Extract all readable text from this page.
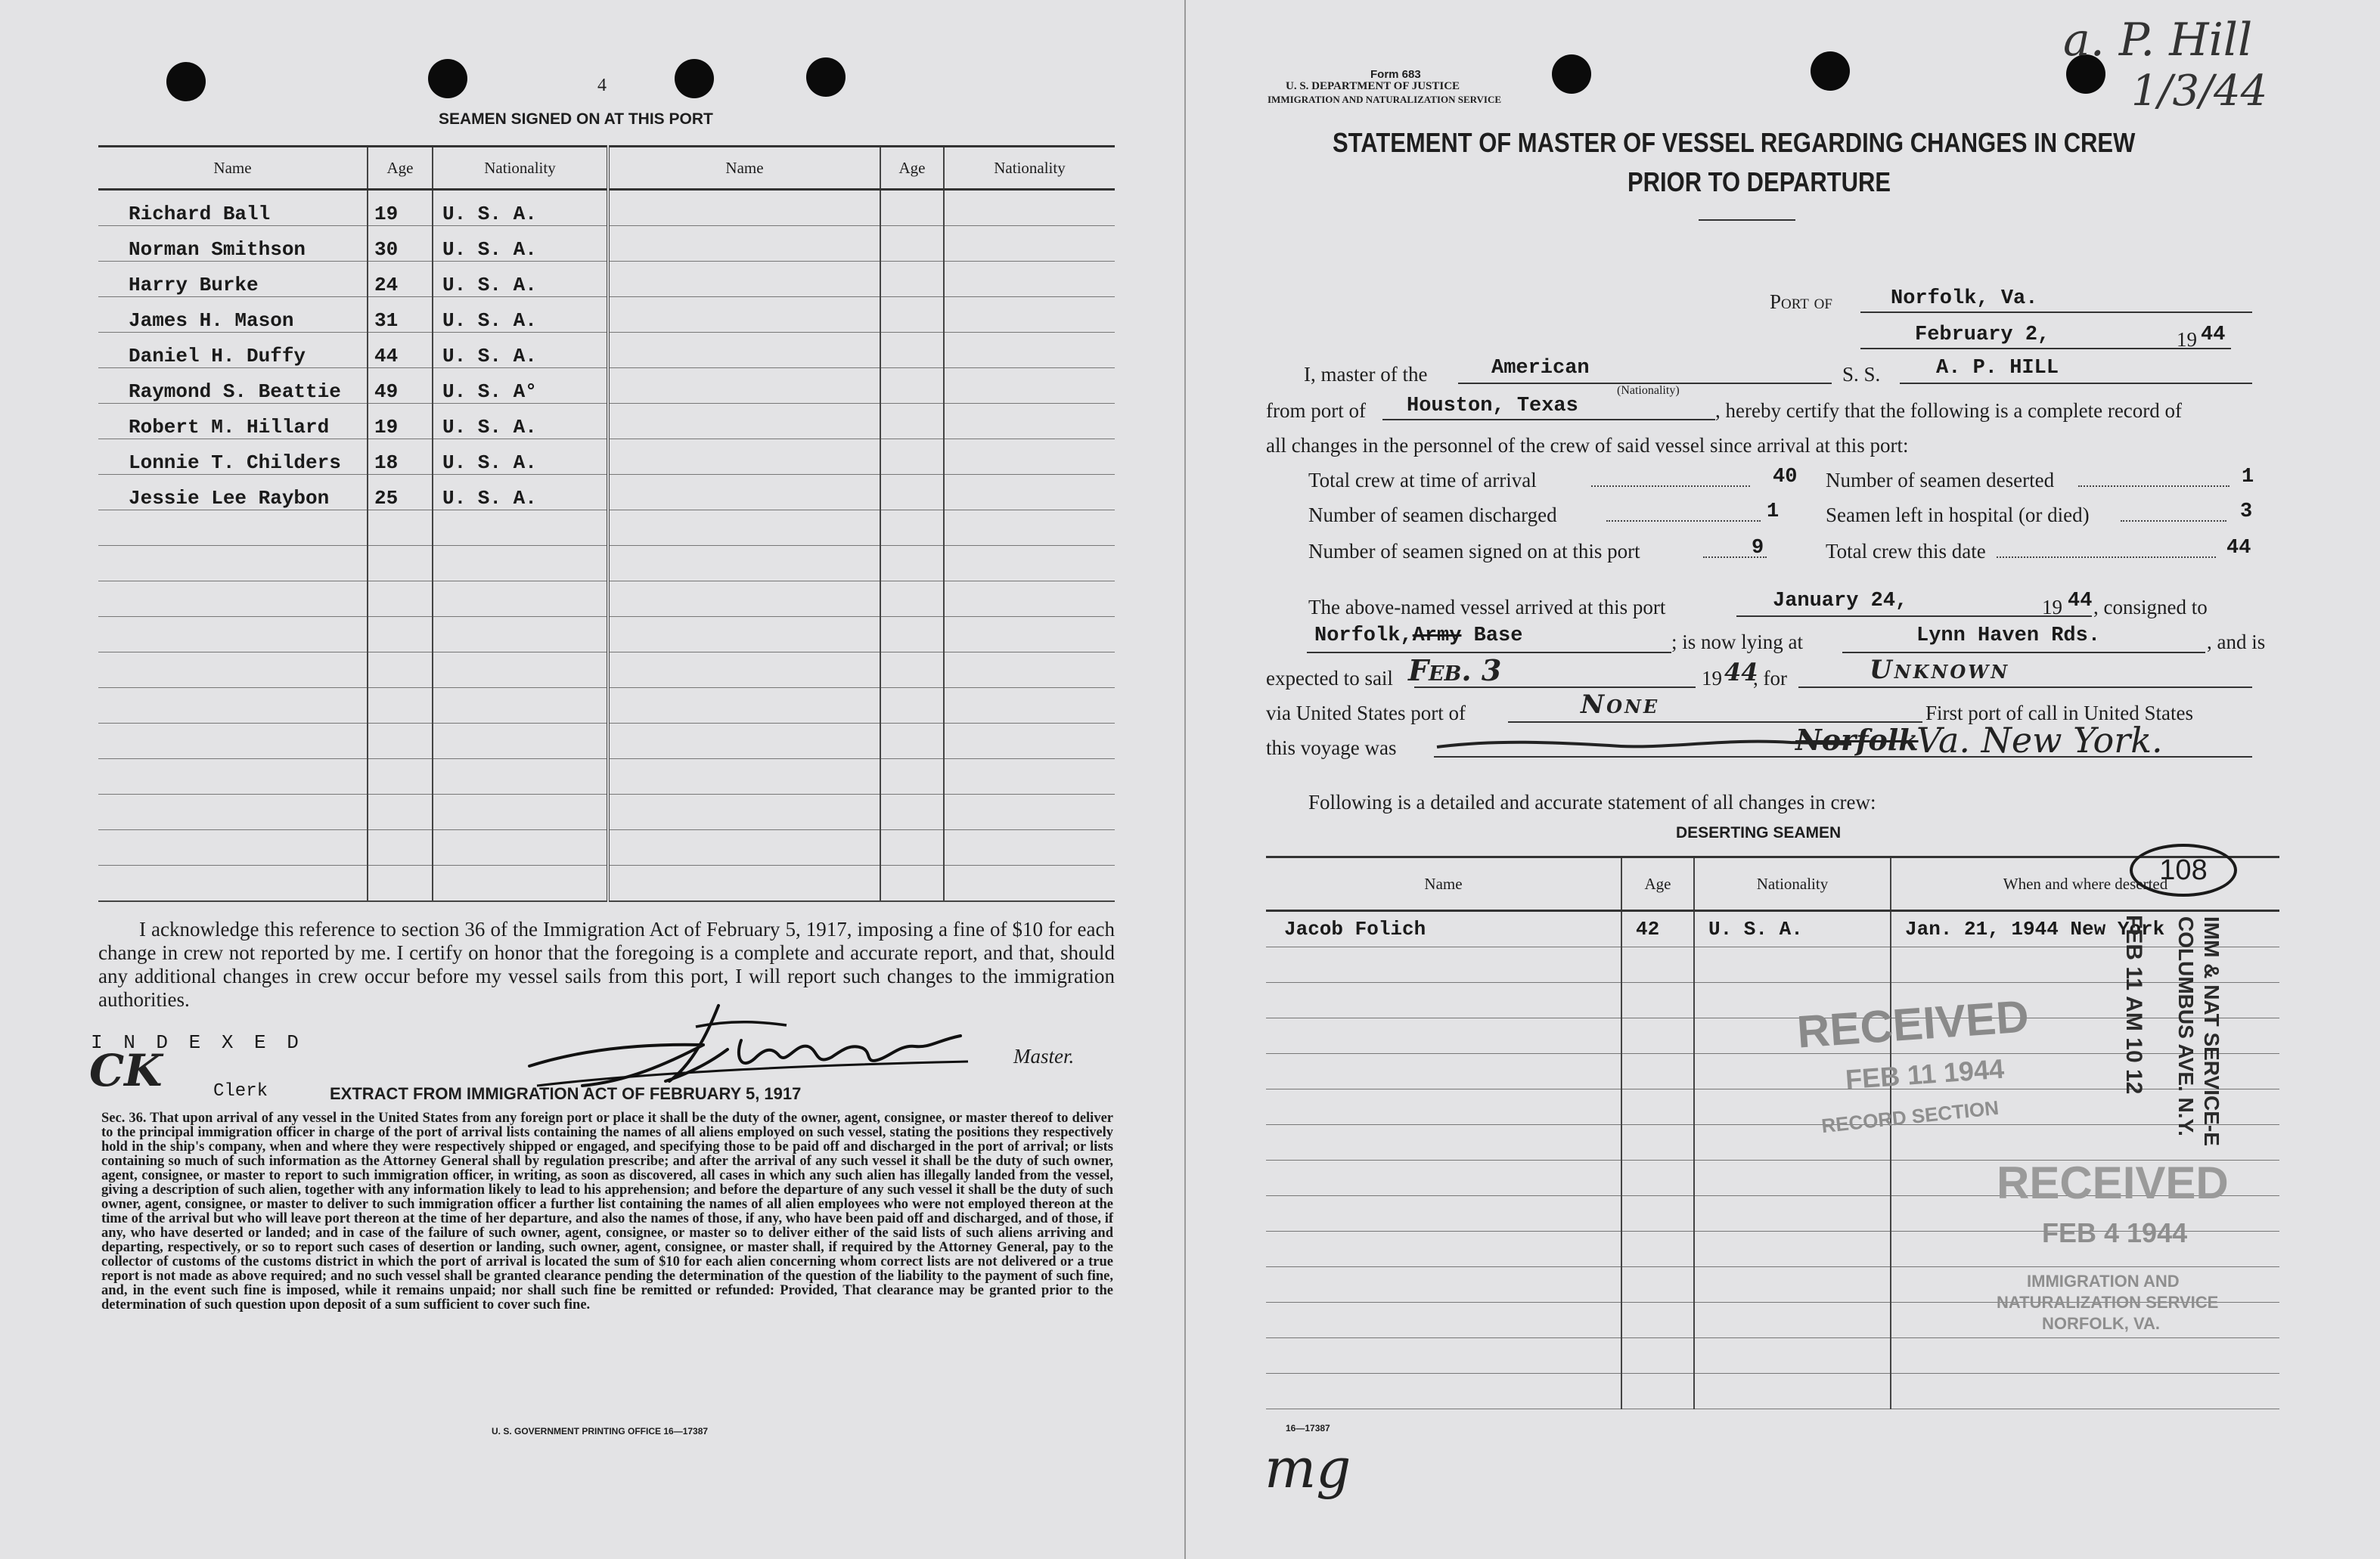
4
SEAMEN SIGNED ON AT THIS PORT
Name	Age	Nationality	Name	Age	Nationality
Richard Ball	19	U. S. A.			
Norman Smithson	30	U. S. A.			
Harry Burke	24	U. S. A.			
James H. Mason	31	U. S. A.			
Daniel H. Duffy	44	U. S. A.			
Raymond S. Beattie	49	U. S. A°			
Robert M. Hillard	19	U. S. A.			
Lonnie T. Childers	18	U. S. A.			
Jessie Lee Raybon	25	U. S. A.			

I acknowledge this reference to section 36 of the Immigration Act of February 5, 1917, imposing a fine of $10 for each change in crew not reported by me. I certify on honor that the foregoing is a complete and accurate report, and that, should any additional changes in crew occur before my vessel sails from this port, I will report such changes to the immigration authorities.
Master.
I N D E X E D
CK	Clerk	EXTRACT FROM IMMIGRATION ACT OF FEBRUARY 5, 1917
Sec. 36. That upon arrival of any vessel in the United States from any foreign port or place it shall be the duty of the owner, agent, consignee, or master thereof to deliver to the principal immigration officer in charge of the port of arrival lists containing the names of all aliens employed on such vessel, stating the positions they respectively hold in the ship's company, when and where they were respectively shipped or engaged, and specifying those to be paid off and discharged in the port of arrival; or lists containing so much of such information as the Attorney General shall by regulation prescribe; and after the arrival of any such vessel it shall be the duty of such owner, agent, consignee, or master to report to such immigration officer, in writing, as soon as discovered, all cases in which any such alien has illegally landed from the vessel, giving a description of such alien, together with any information likely to lead to his apprehension; and before the departure of any such vessel it shall be the duty of such owner, agent, consignee, or master to deliver to such immigration officer a further list containing the names of all alien employees who were not employed thereon at the time of the arrival but who will leave port thereon at the time of her departure, and also the names of those, if any, who have been paid off and discharged, and of those, if any, who have deserted or landed; and in case of the failure of such owner, agent, consignee, or master so to deliver either of the said lists of such aliens arriving and departing, respectively, or so to report such cases of desertion or landing, such owner, agent, consignee, or master shall, if required by the Attorney General, pay to the collector of customs of the customs district in which the port of arrival is located the sum of $10 for each alien concerning whom correct lists are not delivered or a true report is not made as above required; and no such vessel shall be granted clearance pending the determination of the question of the liability to the payment of such fine, and, in the event such fine is imposed, while it remains unpaid; nor shall such fine be remitted or refunded: Provided, That clearance may be granted prior to the determination of such question upon deposit of a sum sufficient to cover such fine.
U. S. GOVERNMENT PRINTING OFFICE 16—17387
a. P. Hill
1/3/44
Form 683
U. S. DEPARTMENT OF JUSTICE
IMMIGRATION AND NATURALIZATION SERVICE
STATEMENT OF MASTER OF VESSEL REGARDING CHANGES IN CREW
PRIOR TO DEPARTURE
Port of	Norfolk, Va.
February 2,	19 44
I, master of the	American
(Nationality)
S. S.	A. P. HILL
from port of Houston, Texas	, hereby certify that the following is a complete record of
all changes in the personnel of the crew of said vessel since arrival at this port:
Total crew at time of arrival	40 Number of seamen deserted	1
Number of seamen discharged	1 Seamen left in hospital (or died)	3
Number of seamen signed on at this port	9	Total crew this date	44
The above-named vessel arrived at this port	January 24,	19 44 , consigned to
Norfolk,Army Base	; is now lying at	Lynn Haven Rds.	, and is
expected to sail Feb. 3	19 44
, for	Unknown
via United States port of	None	First port of call in United States
this voyage was	Norfolk
Va. New York.
Following is a detailed and accurate statement of all changes in crew:
DESERTING SEAMEN
Name	Age	Nationality	When and where deserted
Jacob Folich	42	U. S. A.	Jan. 21, 1944 New York

16—17387
mg
108
RECEIVED
FEB 11 1944
RECORD SECTION
RECEIVED
FEB 4 1944
IMMIGRATION AND
NATURALIZATION SERVICE
NORFOLK, VA.
FEB 11 AM 10 12	IMM & NAT SERVICE-E
COLUMBUS AVE. N.Y.
